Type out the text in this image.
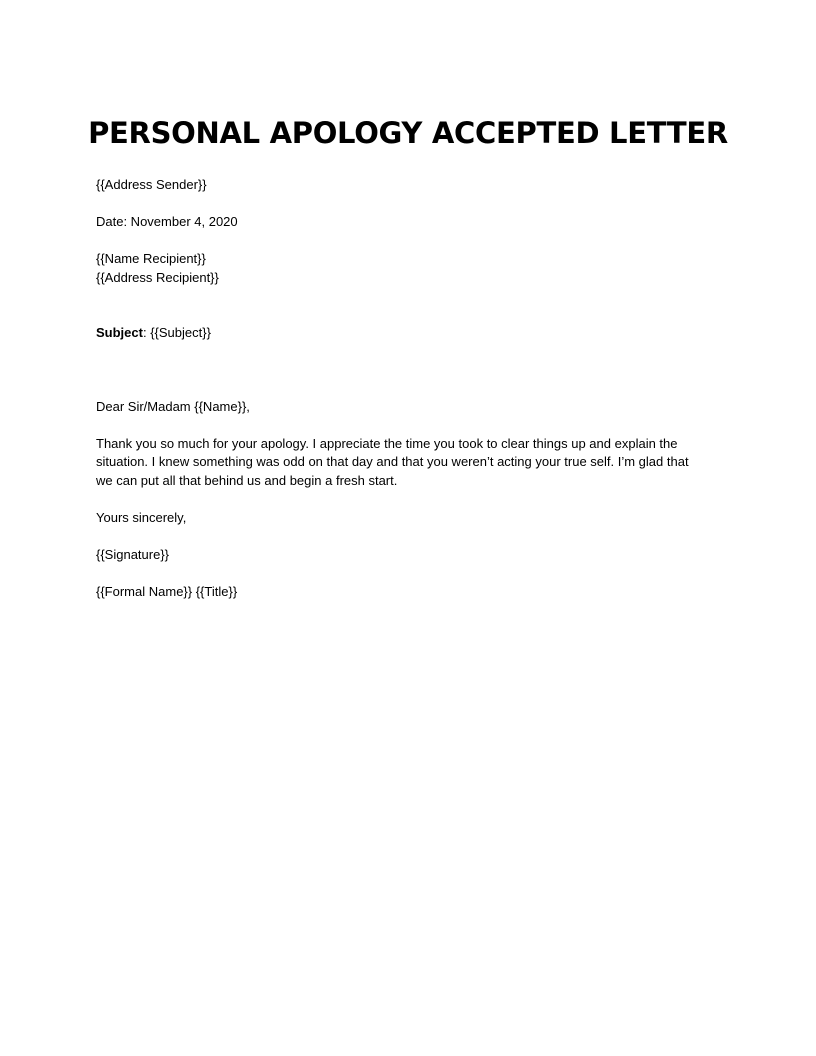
PERSONAL APOLOGY ACCEPTED LETTER

{{Address Sender}}

Date: November 4, 2020

{{Name Recipient}}

{{Address Recipient}}

Subject: {{Subject}}

Dear Sir/Madam {{Name}},

Thank you so much for your apology. I appreciate the time you took to clear things up and explain the
situation. I knew something was odd on that day and that you weren’t acting your true self. I’m glad that
we can put all that behind us and begin a fresh start.

Yours sincerely,

{{Signature}}

{{Formal Name}} {{Title}}
